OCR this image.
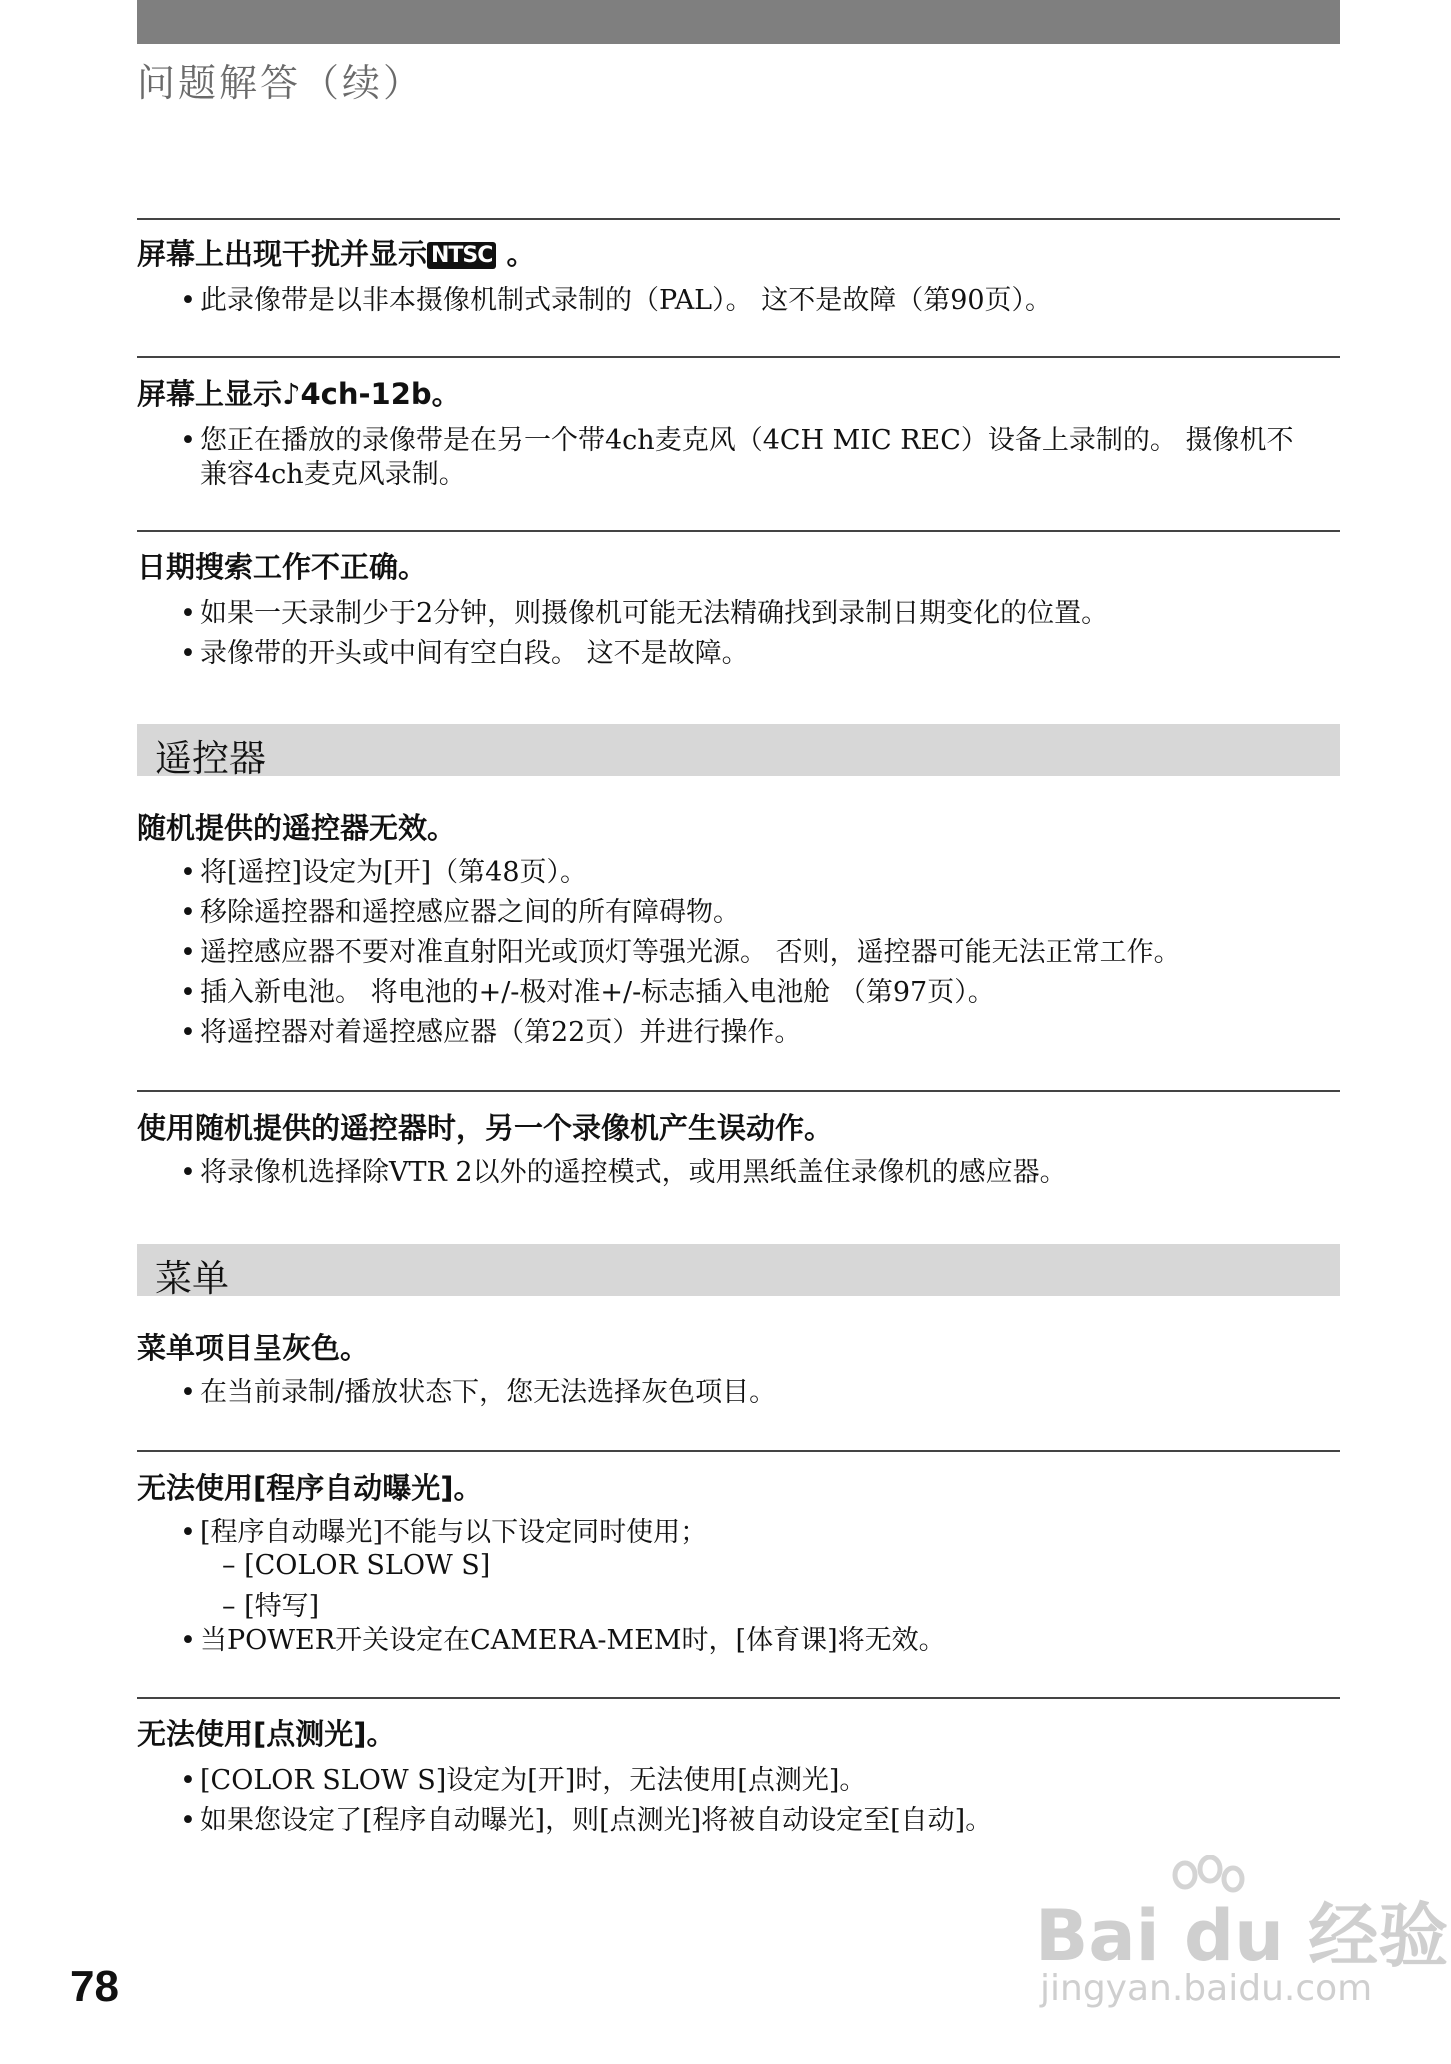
问题解答（续）
屏幕上出现干扰并显示 NTSC 。
• 此录像带是以非本摄像机制式录制的（PAL）。 这不是故障（第90页）。
屏幕上显示♪4ch-12b。
• 您正在播放的录像带是在另一个带4ch麦克风（4CH MIC REC）设备上录制的。 摄像机不兼容4ch麦克风录制。
日期搜索工作不正确。
• 如果一天录制少于2分钟，则摄像机可能无法精确找到录制日期变化的位置。
• 录像带的开头或中间有空白段。 这不是故障。
遥控器
随机提供的遥控器无效。
• 将[遥控]设定为[开]（第48页）。
• 移除遥控器和遥控感应器之间的所有障碍物。
• 遥控感应器不要对准直射阳光或顶灯等强光源。 否则，遥控器可能无法正常工作。
• 插入新电池。 将电池的+/-极对准+/-标志插入电池舱 （第97页）。
• 将遥控器对着遥控感应器（第22页）并进行操作。
使用随机提供的遥控器时，另一个录像机产生误动作。
• 将录像机选择除VTR 2以外的遥控模式，或用黑纸盖住录像机的感应器。
菜单
菜单项目呈灰色。
• 在当前录制/播放状态下，您无法选择灰色项目。
无法使用[程序自动曝光]。
• [程序自动曝光]不能与以下设定同时使用；
– [COLOR SLOW S]
– [特写]
• 当POWER开关设定在CAMERA-MEM时，[体育课]将无效。
无法使用[点测光]。
• [COLOR SLOW S]设定为[开]时，无法使用[点测光]。
• 如果您设定了[程序自动曝光]，则[点测光]将被自动设定至[自动]。
78
Bai du 经验
jingyan.baidu.com
